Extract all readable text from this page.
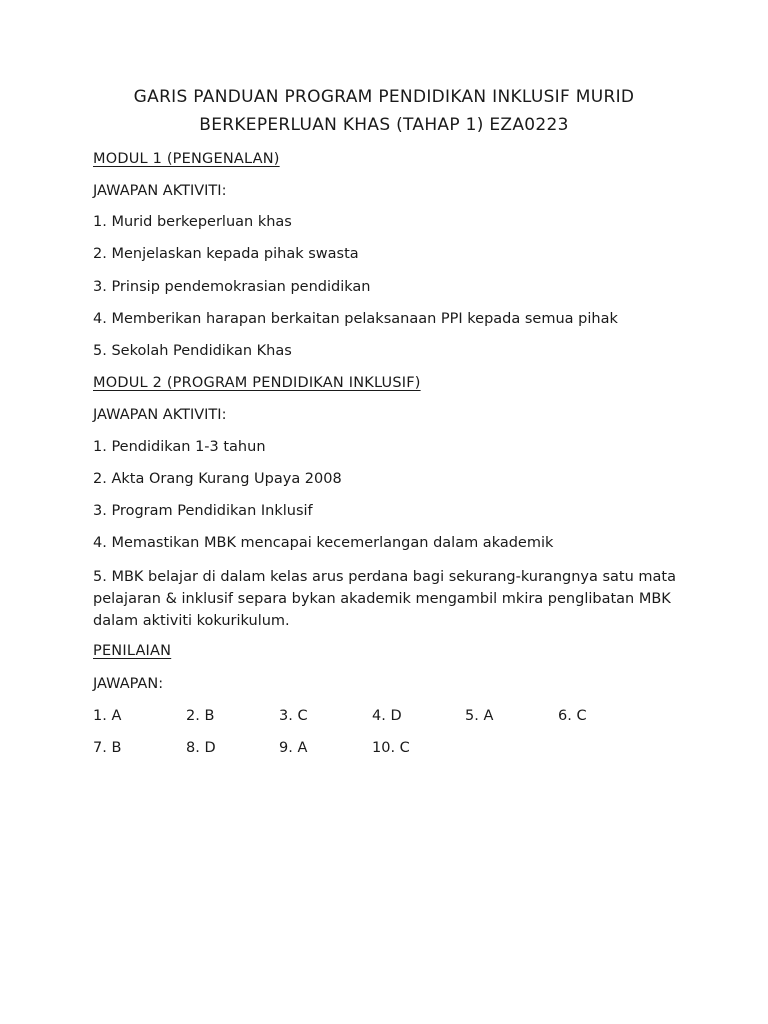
GARIS PANDUAN PROGRAM PENDIDIKAN INKLUSIF MURID
BERKEPERLUAN KHAS (TAHAP 1) EZA0223
MODUL 1 (PENGENALAN)
JAWAPAN AKTIVITI:
1. Murid berkeperluan khas
2. Menjelaskan kepada pihak swasta
3. Prinsip pendemokrasian pendidikan
4. Memberikan harapan berkaitan pelaksanaan PPI kepada semua pihak
5. Sekolah Pendidikan Khas
MODUL 2 (PROGRAM PENDIDIKAN INKLUSIF)
JAWAPAN AKTIVITI:
1. Pendidikan 1-3 tahun
2. Akta Orang Kurang Upaya 2008
3. Program Pendidikan Inklusif
4. Memastikan MBK mencapai kecemerlangan dalam akademik
5. MBK belajar di dalam kelas arus perdana bagi sekurang-kurangnya satu mata pelajaran & inklusif separa bykan akademik mengambil mkira penglibatan MBK dalam aktiviti kokurikulum.
PENILAIAN
JAWAPAN:
1. A	2. B	3. C	4. D	5. A	6. C
7. B	8. D	9. A	10. C
